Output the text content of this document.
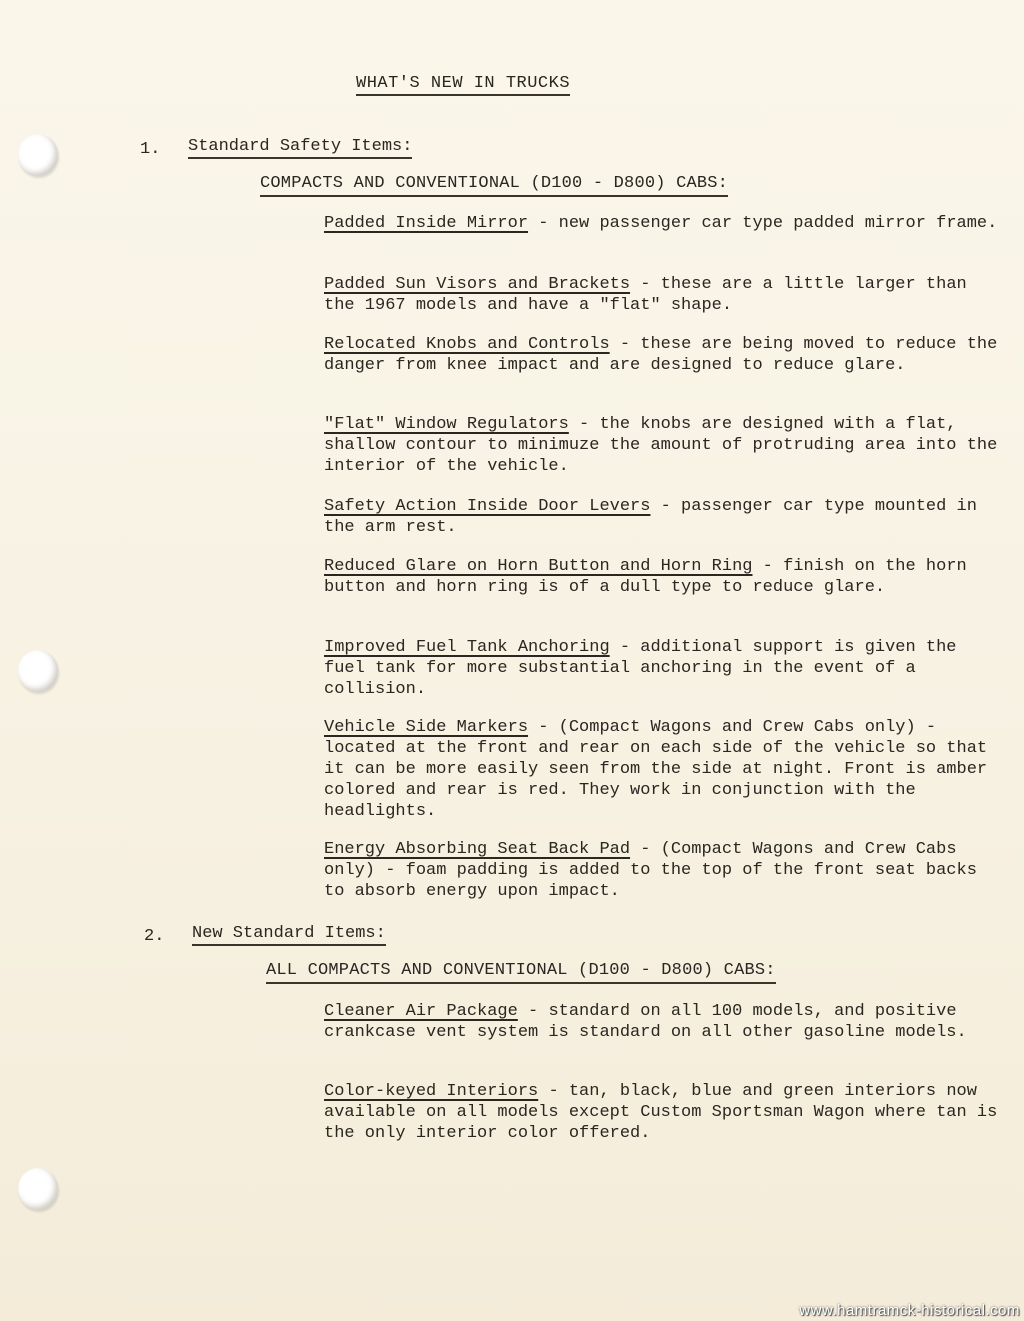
WHAT'S NEW IN TRUCKS
1. Standard Safety Items:
COMPACTS AND CONVENTIONAL (D100 - D800) CABS:
Padded Inside Mirror - new passenger car type padded mirror frame.
Padded Sun Visors and Brackets - these are a little larger than the 1967 models and have a "flat" shape.
Relocated Knobs and Controls - these are being moved to reduce the danger from knee impact and are designed to reduce glare.
"Flat" Window Regulators - the knobs are designed with a flat, shallow contour to minimuze the amount of protruding area into the interior of the vehicle.
Safety Action Inside Door Levers - passenger car type mounted in the arm rest.
Reduced Glare on Horn Button and Horn Ring - finish on the horn button and horn ring is of a dull type to reduce glare.
Improved Fuel Tank Anchoring - additional support is given the fuel tank for more substantial anchoring in the event of a collision.
Vehicle Side Markers - (Compact Wagons and Crew Cabs only) - located at the front and rear on each side of the vehicle so that it can be more easily seen from the side at night. Front is amber colored and rear is red. They work in conjunction with the headlights.
Energy Absorbing Seat Back Pad - (Compact Wagons and Crew Cabs only) - foam padding is added to the top of the front seat backs to absorb energy upon impact.
2. New Standard Items:
ALL COMPACTS AND CONVENTIONAL (D100 - D800) CABS:
Cleaner Air Package - standard on all 100 models, and positive crankcase vent system is standard on all other gasoline models.
Color-keyed Interiors - tan, black, blue and green interiors now available on all models except Custom Sportsman Wagon where tan is the only interior color offered.
www.hamtramck-historical.com
